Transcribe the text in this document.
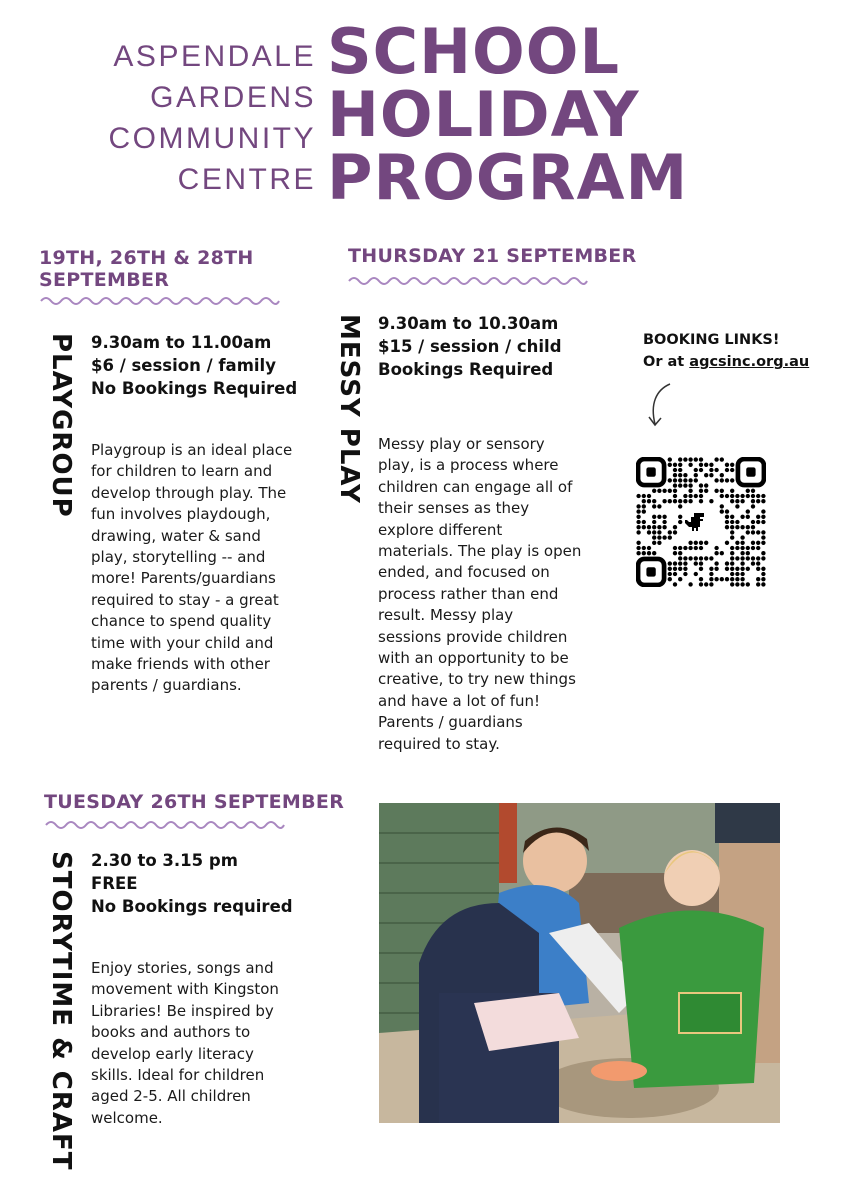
ASPENDALE
GARDENS
COMMUNITY
CENTRE
SCHOOL
HOLIDAY
PROGRAM
19TH, 26TH & 28TH SEPTEMBER
PLAYGROUP 9.30am to 11.00am
$6 / session / family
No Bookings Required
Playgroup is an ideal place
for children to learn and
develop through play. The
fun involves playdough,
drawing, water & sand
play, storytelling -- and
more! Parents/guardians
required to stay - a great
chance to spend quality
time with your child and
make friends with other
parents / guardians.
THURSDAY 21 SEPTEMBER
MESSY PLAY 9.30am to 10.30am
$15 / session / child
Bookings Required
Messy play or sensory
play, is a process where
children can engage all of
their senses as they
explore different
materials. The play is open
ended, and focused on
process rather than end
result. Messy play
sessions provide children
with an opportunity to be
creative, to try new things
and have a lot of fun!
Parents / guardians
required to stay.
BOOKING LINKS!
Or at agcsinc.org.au
TUESDAY 26TH SEPTEMBER
STORYTIME & CRAFT 2.30 to 3.15 pm
FREE
No Bookings required
Enjoy stories, songs and
movement with Kingston
Libraries! Be inspired by
books and authors to
develop early literacy
skills. Ideal for children
aged 2-5. All children
welcome.
